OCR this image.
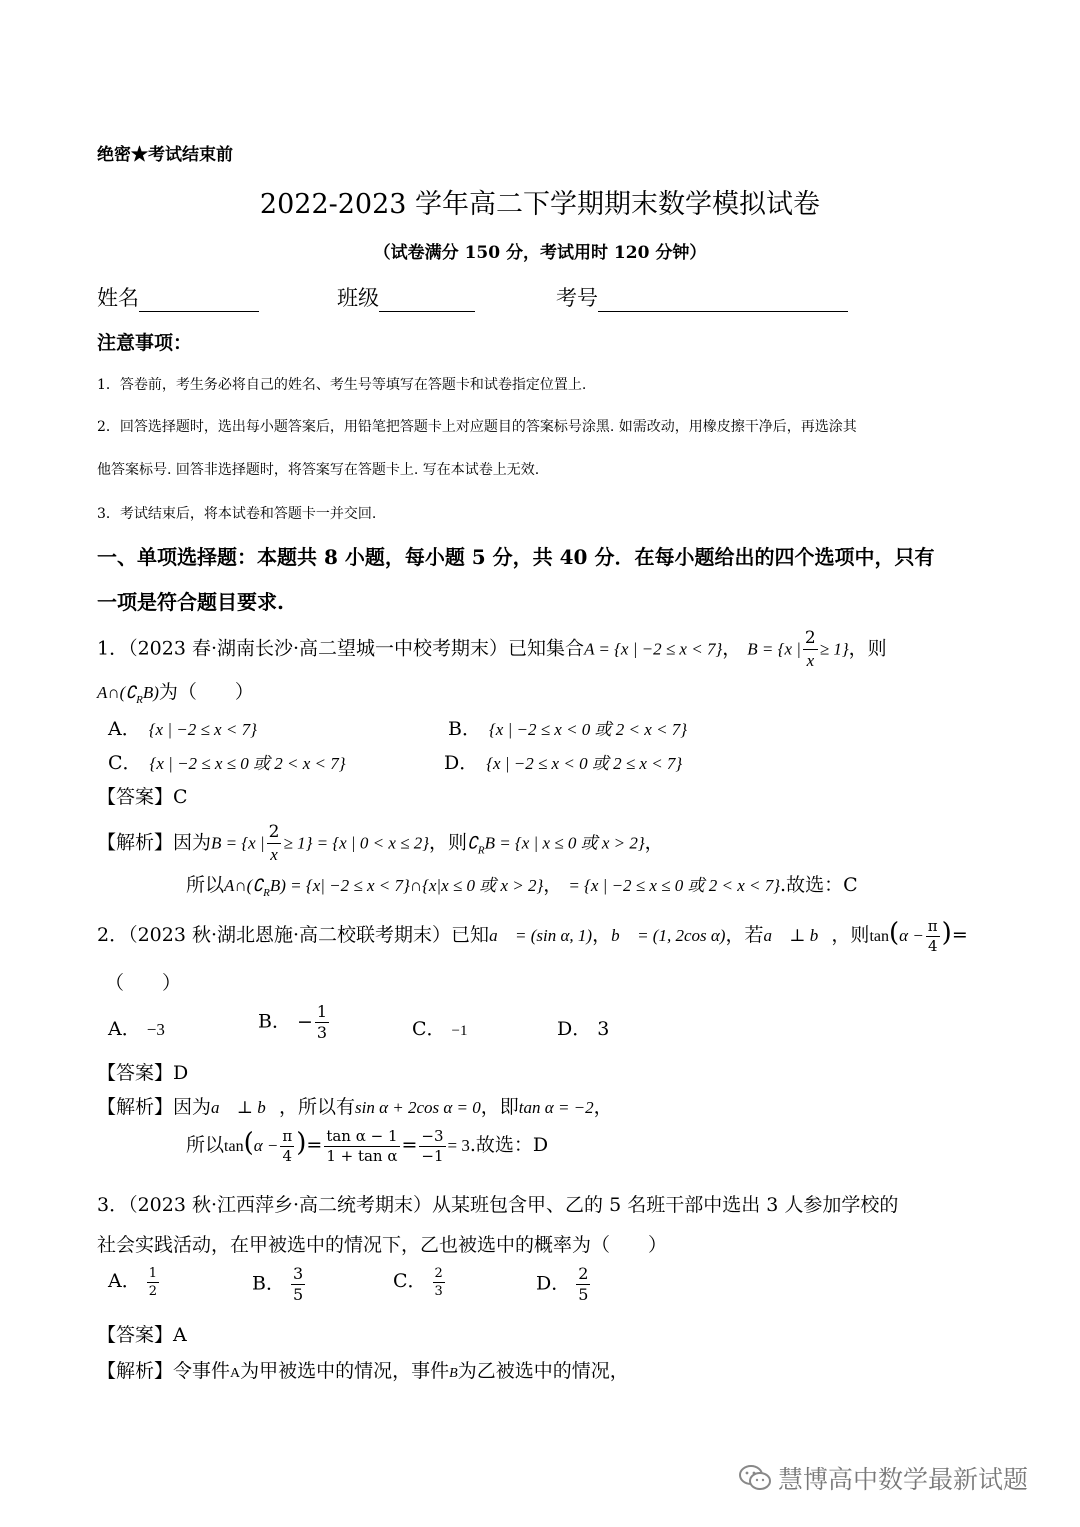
绝密★考试结束前
2022-2023 学年高二下学期期末数学模拟试卷
（试卷满分 150 分，考试用时 120 分钟）
姓名	班级	考号
注意事项：
1．答卷前，考生务必将自己的姓名、考生号等填写在答题卡和试卷指定位置上.
2．回答选择题时，选出每小题答案后，用铅笔把答题卡上对应题目的答案标号涂黑. 如需改动，用橡皮擦干净后，再选涂其
他答案标号. 回答非选择题时，将答案写在答题卡上. 写在本试卷上无效.
3．考试结束后，将本试卷和答题卡一并交回.
一、单项选择题：本题共 8 小题，每小题 5 分，共 40 分．在每小题给出的四个选项中，只有
一项是符合题目要求.
1．（2023 春·湖南长沙·高二望城一中校考期末）已知集合A = {x | −2 ≤ x < 7}， B = {x | $\frac{2}{x} \ge 1$}，则
$A\cap(∁_RB)$为（　　）
A． {x | −2 ≤ x < 7}	B． {x | −2 ≤ x < 0 或 2 < x < 7}
C． {x | −2 ≤ x ≤ 0 或 2 < x < 7}	D． {x | −2 ≤ x < 0 或 2 ≤ x < 7}
【答案】C
【解析】因为B = {x | $\frac{2}{x} \ge 1\} = \{x$ | 0 < x ≤ 2}，则$∁_RB = \{x$ | x ≤ 0 或 x > 2}，
所以$A\cap(∁_RB) = \{x| -2 \le x$ < 7}∩{x|x ≤ 0 或 x > 2}， = {x | −2 ≤ x ≤ 0 或 2 < x < 7}.故选：C
2．（2023 秋·湖北恩施·高二校联考期末）已知a⃗ = (sin α, 1)，b⃗ = (1, 2cos α)，若a⃗ ⊥ b⃗，则$\tan(\alpha - \frac{\pi}{4}$ )=
（　　）
A． −3	B． − $\frac{1}{3}$	C． −1	D． 3
【答案】D
【解析】因为a⃗ ⊥ b⃗，所以有sin α + 2cos α = 0，即tan α = −2，
所以$\tan(\alpha - \frac{\pi}{4}$ )= $\frac{\text{tan α − 1}}{\text{1 + tan α}} = \frac{-3}{-1} = 3$.故选：D
3．（2023 秋·江西萍乡·高二统考期末）从某班包含甲、乙的 5 名班干部中选出 3 人参加学校的
社会实践活动，在甲被选中的情况下，乙也被选中的概率为（　　）
A． $\frac{1}{2}$	B． $\frac{3}{5}$	C． $\frac{2}{3}$	D． $\frac{2}{5}$
【答案】A
【解析】令事件A为甲被选中的情况，事件B为乙被选中的情况，
慧博高中数学最新试题
